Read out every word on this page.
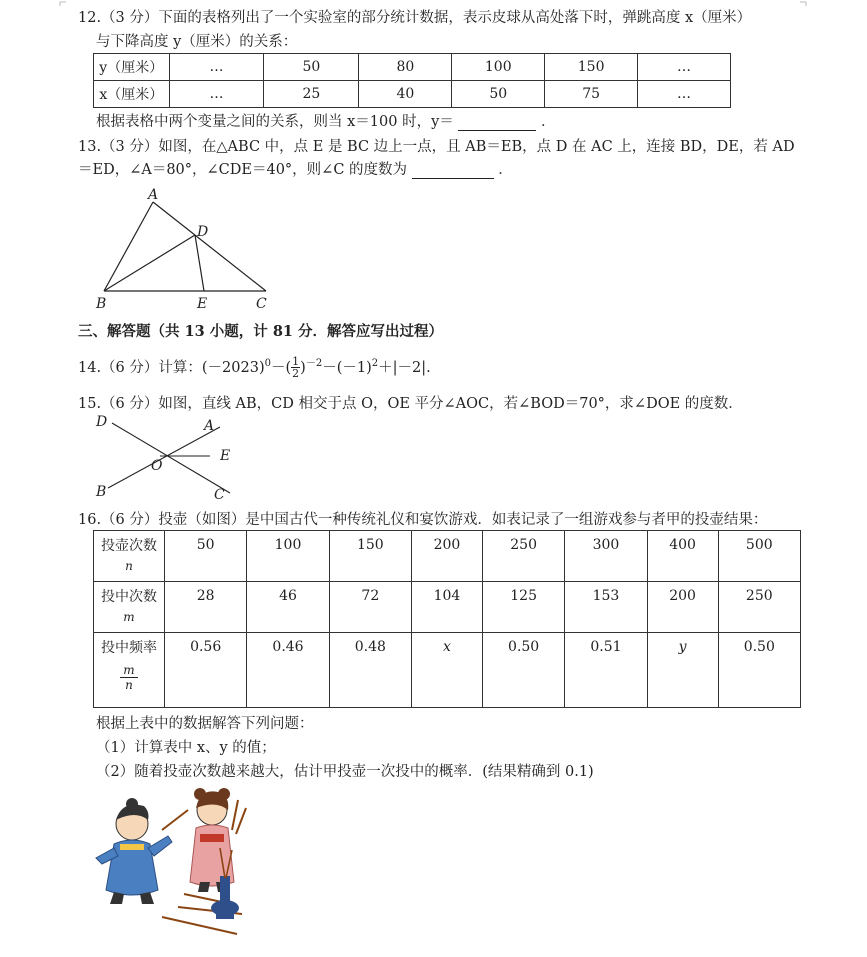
12.（3 分）下面的表格列出了一个实验室的部分统计数据，表示皮球从高处落下时，弹跳高度 x（厘米）
与下降高度 y（厘米）的关系：
y（厘米）	…	50	80	100	150	…
x（厘米）	…	25	40	50	75	…
根据表格中两个变量之间的关系，则当 x＝100 时，y＝	．
13.（3 分）如图，在△ABC 中，点 E 是 BC 边上一点，且 AB＝EB，点 D 在 AC 上，连接 BD，DE，若 AD
＝ED，∠A＝80°，∠CDE＝40°，则∠C 的度数为	．
A
D
B	E	C
三、解答题（共 13 小题，计 81 分．解答应写出过程）
14.（6 分）计算：$(-2023)^0-( \frac{1}{2} )^{-2}-(-1)^2+|-2|$.
15.（6 分）如图，直线 AB，CD 相交于点 O，OE 平分∠AOC，若∠BOD＝70°，求∠DOE 的度数．
D	A
E
O
B	C
16.（6 分）投壶（如图）是中国古代一种传统礼仪和宴饮游戏．如表记录了一组游戏参与者甲的投壶结果：
投壶次数
n	50	100	150	200	250	300	400	500

投中次数
m	28	46	72	104	125	153	200	250

投中频率
$\frac{m}{n}$	0.56	0.46	0.48	x	0.50	0.51	y	0.50
根据上表中的数据解答下列问题：
（1）计算表中 x、y 的值；
（2）随着投壶次数越来越大，估计甲投壶一次投中的概率．(结果精确到 0.1)
